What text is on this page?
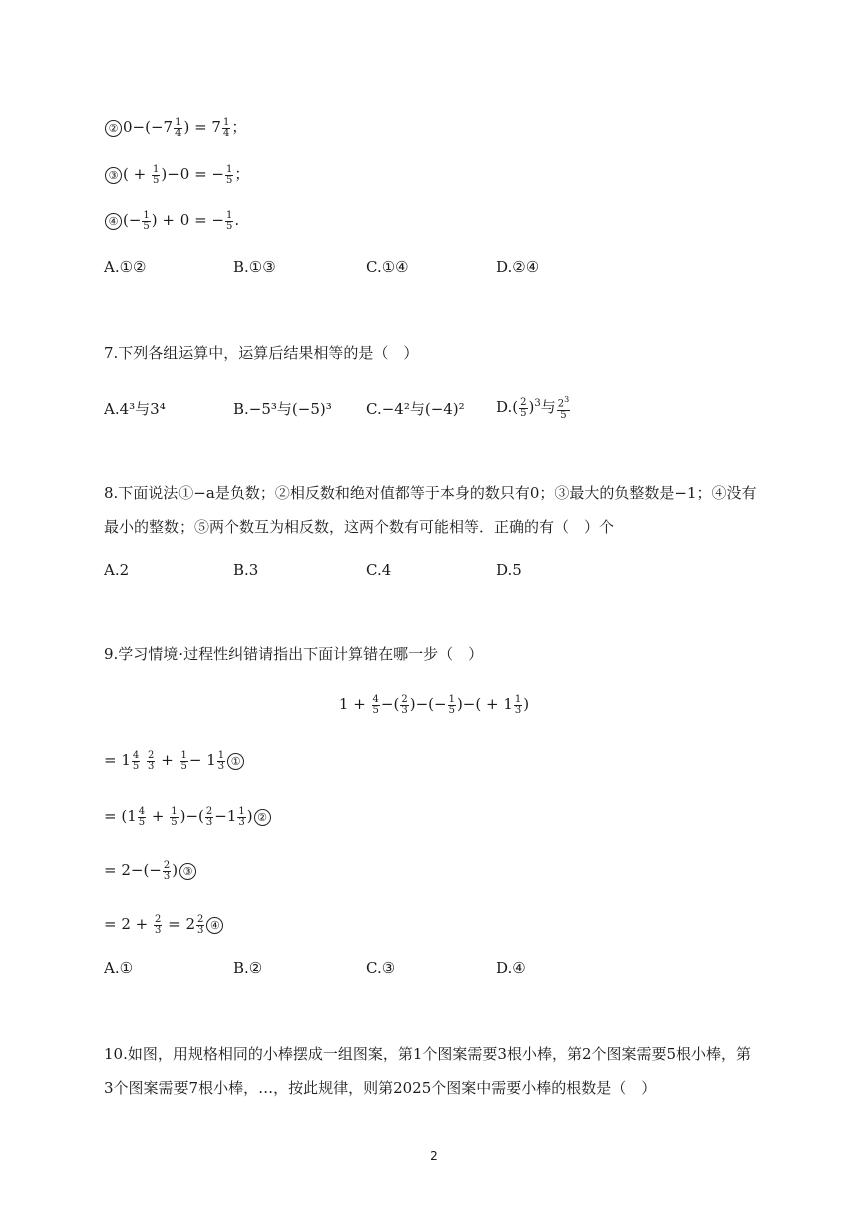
② $0-(-7 \frac{1}{4}$ ) = $7 \frac{1}{4}$ ；
③ ( + $\frac{1}{5} )-0$ = − $\frac{1}{5}$ ；
④ (− $\frac{1}{5}$ ) + 0 = − $\frac{1}{5}$ .
A.①②	B.①③	C.①④	D.②④
7.下列各组运算中，运算后结果相等的是（　）
A.4³与3⁴	B.−5³与(−5)³ C.−4²与(−4)² $D.( \frac{2}{5} )^3$与 $\frac{2^3}{5}$
8.下面说法①−a是负数；②相反数和绝对值都等于本身的数只有0；③最大的负整数是−1；④没有
最小的整数；⑤两个数互为相反数，这两个数有可能相等．正确的有（　）个
A.2	B.3	C.4	D.5
9.学习情境·过程性纠错请指出下面计算错在哪一步（　）
$1 + \frac{4}{5}$ −( $\frac{2}{3}$ )−(− $\frac{1}{5}$ )−( + $1 \frac{1}{3}$ )
= $1 \frac{4}{5}$
$\frac{2}{3} + \frac{1}{5} - 1 \frac{1}{3}$ ①
= ($1 \frac{4}{5} + \frac{1}{5}$ )−( $\frac{2}{3} -1 \frac{1}{3}$ ) ②
= $2-(- \frac{2}{3}$ ) ③
= $2 + \frac{2}{3} = 2 \frac{2}{3}$ ④
A.①	B.②	C.③	D.④
10.如图，用规格相同的小棒摆成一组图案，第1个图案需要3根小棒，第2个图案需要5根小棒，第
3个图案需要7根小棒，…，按此规律，则第2025个图案中需要小棒的根数是（　）
2
